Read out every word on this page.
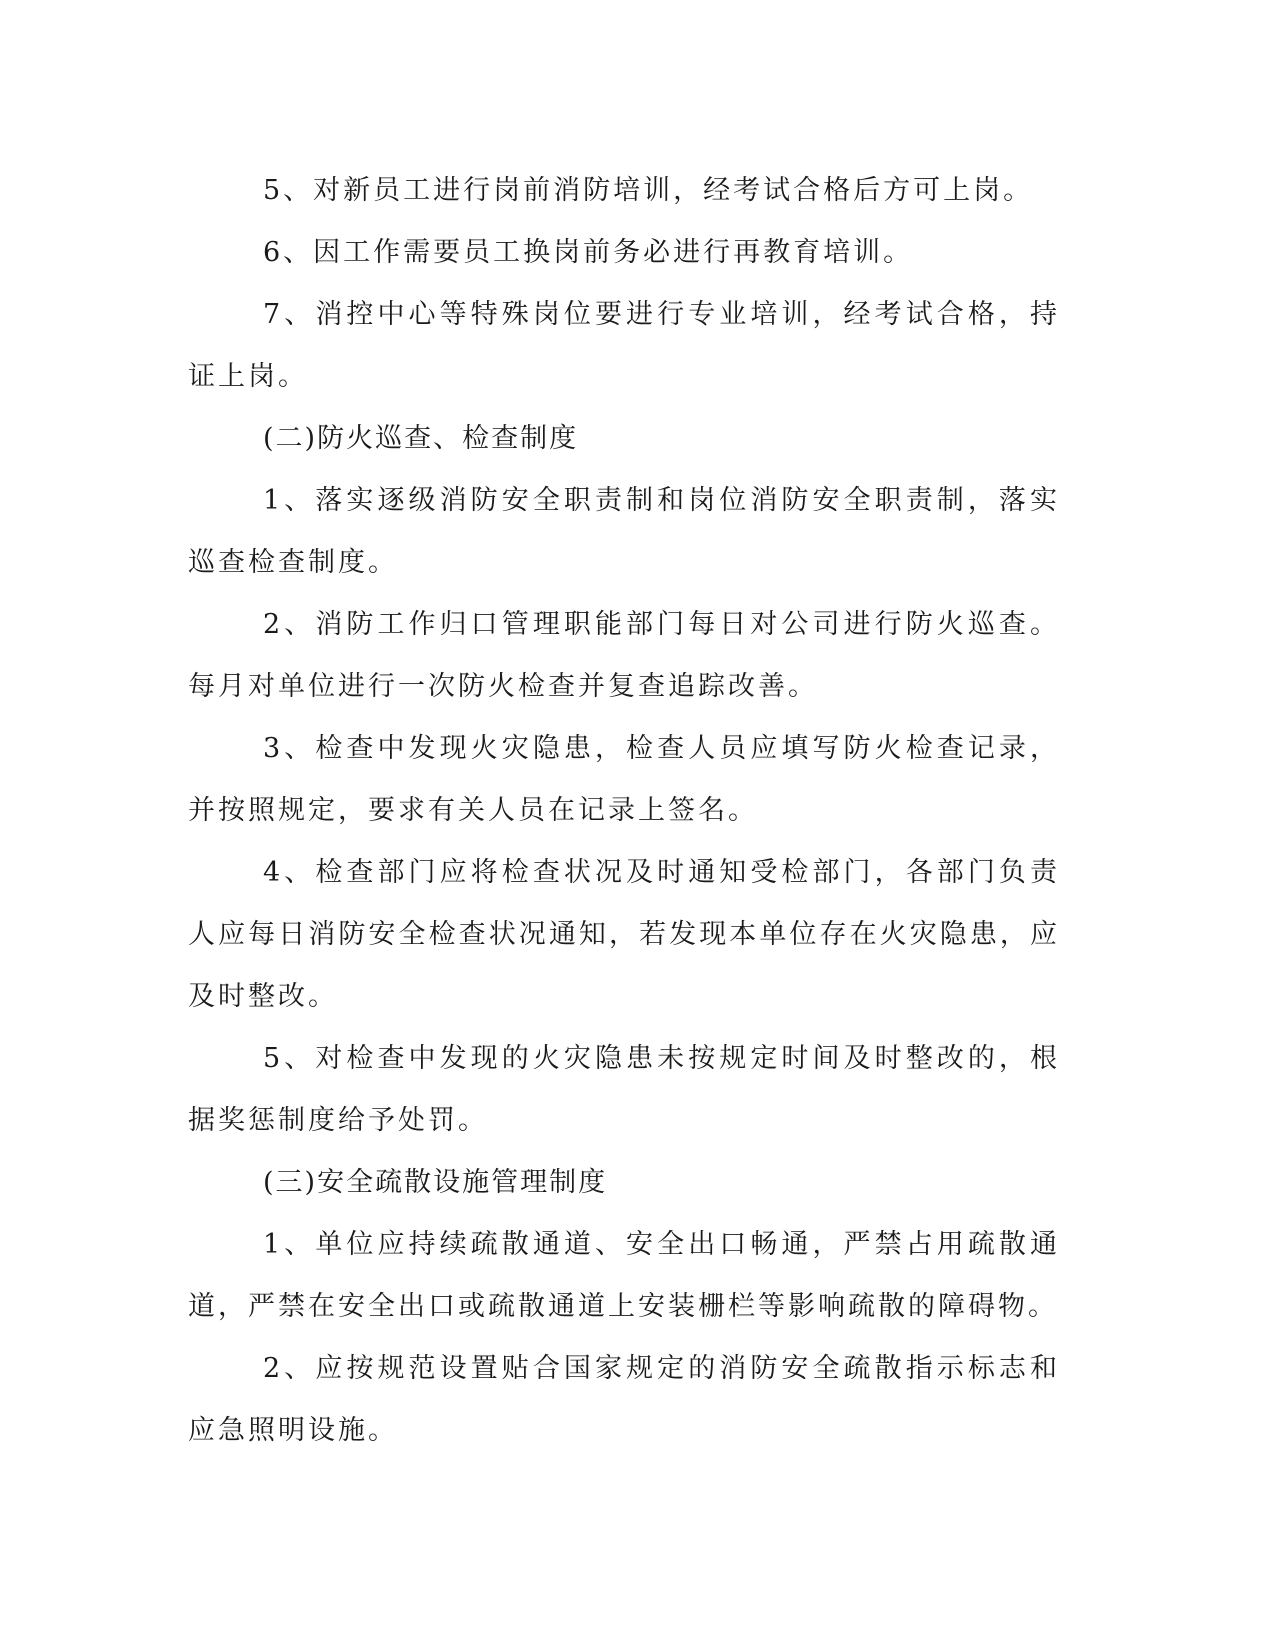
5、对新员工进行岗前消防培训，经考试合格后方可上岗。

6、因工作需要员工换岗前务必进行再教育培训。

7、消控中心等特殊岗位要进行专业培训，经考试合格，持证上岗。

(二)防火巡查、检查制度

1、落实逐级消防安全职责制和岗位消防安全职责制，落实巡查检查制度。

2、消防工作归口管理职能部门每日对公司进行防火巡查。每月对单位进行一次防火检查并复查追踪改善。

3、检查中发现火灾隐患，检查人员应填写防火检查记录，并按照规定，要求有关人员在记录上签名。

4、检查部门应将检查状况及时通知受检部门，各部门负责人应每日消防安全检查状况通知，若发现本单位存在火灾隐患，应及时整改。

5、对检查中发现的火灾隐患未按规定时间及时整改的，根据奖惩制度给予处罚。

(三)安全疏散设施管理制度

1、单位应持续疏散通道、安全出口畅通，严禁占用疏散通道，严禁在安全出口或疏散通道上安装栅栏等影响疏散的障碍物。

2、应按规范设置贴合国家规定的消防安全疏散指示标志和应急照明设施。
